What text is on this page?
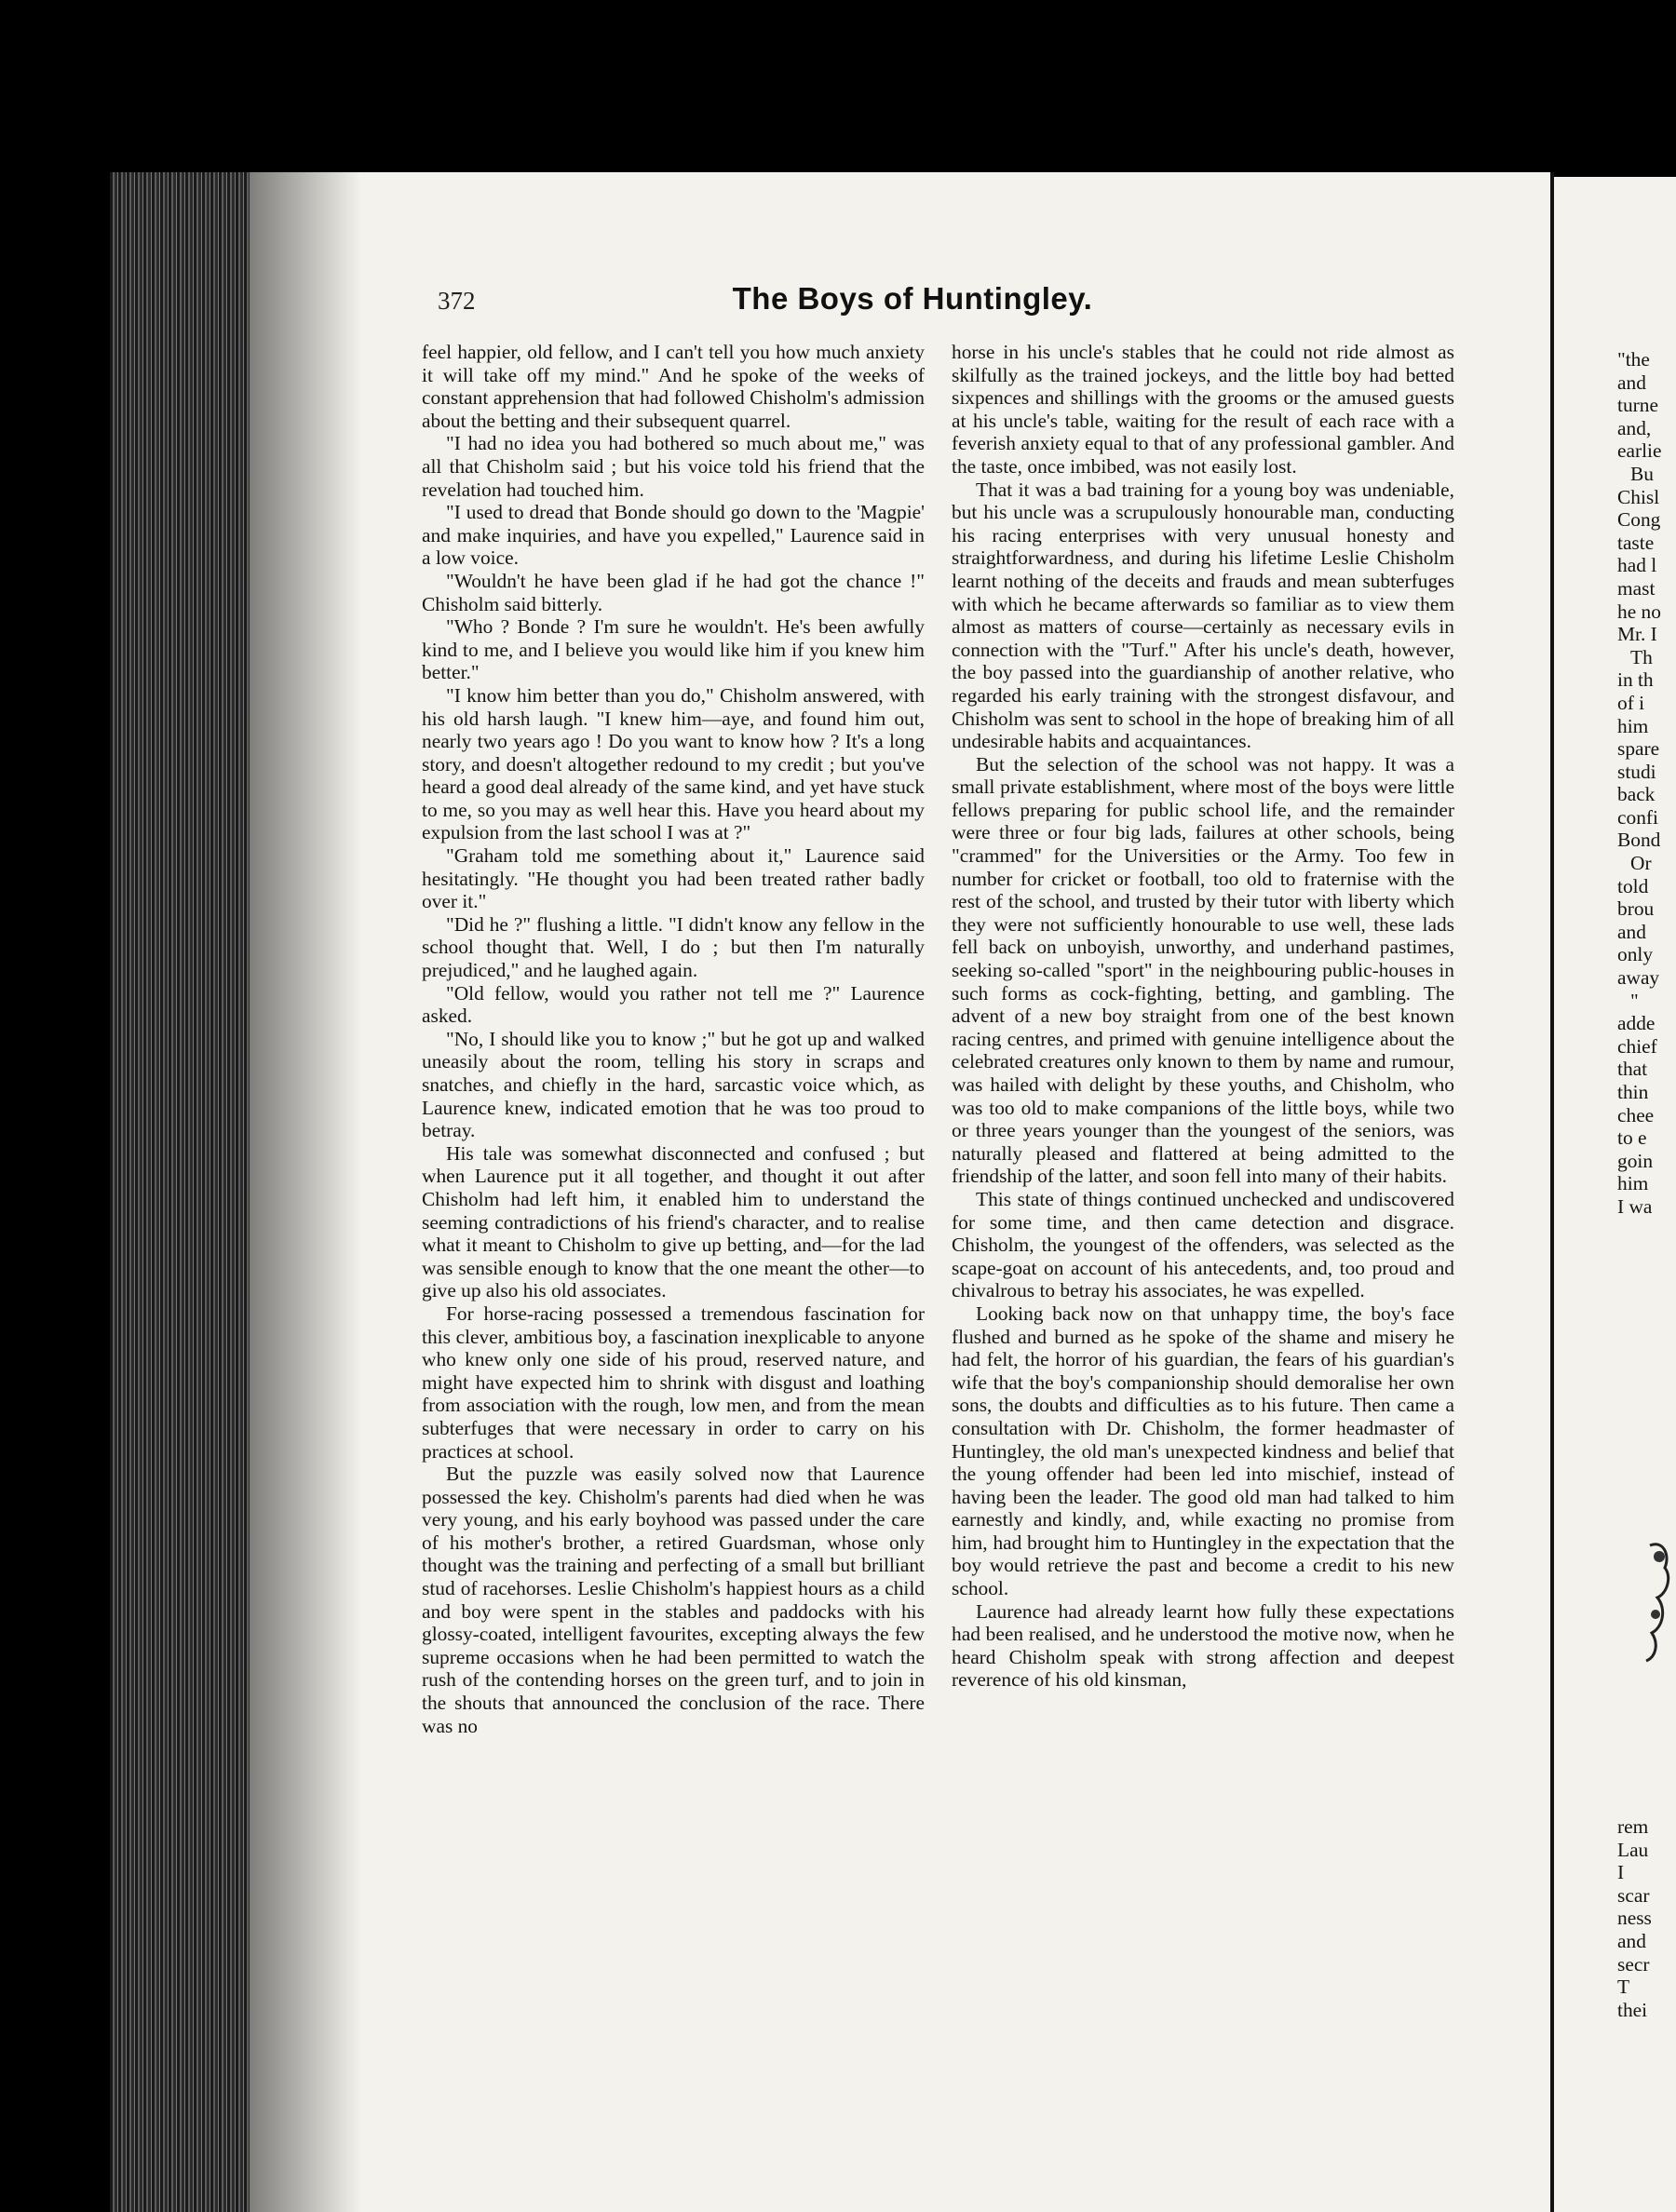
372	The Boys of Huntingley.

feel happier, old fellow, and I can't tell you how much anxiety it will take off my mind." And he spoke of the weeks of constant apprehension that had followed Chisholm's admission about the betting and their subsequent quarrel.

"I had no idea you had bothered so much about me," was all that Chisholm said ; but his voice told his friend that the revelation had touched him.

"I used to dread that Bonde should go down to the 'Magpie' and make inquiries, and have you expelled," Laurence said in a low voice.

"Wouldn't he have been glad if he had got the chance !" Chisholm said bitterly.

"Who ? Bonde ? I'm sure he wouldn't. He's been awfully kind to me, and I believe you would like him if you knew him better."

"I know him better than you do," Chisholm answered, with his old harsh laugh. "I knew him—aye, and found him out, nearly two years ago ! Do you want to know how ? It's a long story, and doesn't altogether redound to my credit ; but you've heard a good deal already of the same kind, and yet have stuck to me, so you may as well hear this. Have you heard about my expulsion from the last school I was at ?"

"Graham told me something about it," Laurence said hesitatingly. "He thought you had been treated rather badly over it."

"Did he ?" flushing a little. "I didn't know any fellow in the school thought that. Well, I do ; but then I'm naturally prejudiced," and he laughed again.

"Old fellow, would you rather not tell me ?" Laurence asked.

"No, I should like you to know ;" but he got up and walked uneasily about the room, telling his story in scraps and snatches, and chiefly in the hard, sarcastic voice which, as Laurence knew, indicated emotion that he was too proud to betray.

His tale was somewhat disconnected and confused ; but when Laurence put it all together, and thought it out after Chisholm had left him, it enabled him to understand the seeming contradictions of his friend's character, and to realise what it meant to Chisholm to give up betting, and—for the lad was sensible enough to know that the one meant the other—to give up also his old associates.

For horse-racing possessed a tremendous fascination for this clever, ambitious boy, a fascination inexplicable to anyone who knew only one side of his proud, reserved nature, and might have expected him to shrink with disgust and loathing from association with the rough, low men, and from the mean subterfuges that were necessary in order to carry on his practices at school.

But the puzzle was easily solved now that Laurence possessed the key. Chisholm's parents had died when he was very young, and his early boyhood was passed under the care of his mother's brother, a retired Guardsman, whose only thought was the training and perfecting of a small but brilliant stud of racehorses. Leslie Chisholm's happiest hours as a child and boy were spent in the stables and paddocks with his glossy-coated, intelligent favourites, excepting always the few supreme occasions when he had been permitted to watch the rush of the contending horses on the green turf, and to join in the shouts that announced the conclusion of the race. There was no

horse in his uncle's stables that he could not ride almost as skilfully as the trained jockeys, and the little boy had betted sixpences and shillings with the grooms or the amused guests at his uncle's table, waiting for the result of each race with a feverish anxiety equal to that of any professional gambler. And the taste, once imbibed, was not easily lost.

That it was a bad training for a young boy was undeniable, but his uncle was a scrupulously honourable man, conducting his racing enterprises with very unusual honesty and straightforwardness, and during his lifetime Leslie Chisholm learnt nothing of the deceits and frauds and mean subterfuges with which he became afterwards so familiar as to view them almost as matters of course—certainly as necessary evils in connection with the "Turf." After his uncle's death, however, the boy passed into the guardianship of another relative, who regarded his early training with the strongest disfavour, and Chisholm was sent to school in the hope of breaking him of all undesirable habits and acquaintances.

But the selection of the school was not happy. It was a small private establishment, where most of the boys were little fellows preparing for public school life, and the remainder were three or four big lads, failures at other schools, being "crammed" for the Universities or the Army. Too few in number for cricket or football, too old to fraternise with the rest of the school, and trusted by their tutor with liberty which they were not sufficiently honourable to use well, these lads fell back on unboyish, unworthy, and underhand pastimes, seeking so-called "sport" in the neighbouring public-houses in such forms as cock-fighting, betting, and gambling. The advent of a new boy straight from one of the best known racing centres, and primed with genuine intelligence about the celebrated creatures only known to them by name and rumour, was hailed with delight by these youths, and Chisholm, who was too old to make companions of the little boys, while two or three years younger than the youngest of the seniors, was naturally pleased and flattered at being admitted to the friendship of the latter, and soon fell into many of their habits.

This state of things continued unchecked and undiscovered for some time, and then came detection and disgrace. Chisholm, the youngest of the offenders, was selected as the scape-goat on account of his antecedents, and, too proud and chivalrous to betray his associates, he was expelled.

Looking back now on that unhappy time, the boy's face flushed and burned as he spoke of the shame and misery he had felt, the horror of his guardian, the fears of his guardian's wife that the boy's companionship should demoralise her own sons, the doubts and difficulties as to his future. Then came a consultation with Dr. Chisholm, the former headmaster of Huntingley, the old man's unexpected kindness and belief that the young offender had been led into mischief, instead of having been the leader. The good old man had talked to him earnestly and kindly, and, while exacting no promise from him, had brought him to Huntingley in the expectation that the boy would retrieve the past and become a credit to his new school.

Laurence had already learnt how fully these expectations had been realised, and he understood the motive now, when he heard Chisholm speak with strong affection and deepest reverence of his old kinsman,

"the
and
turne
and,
earlie
Bu
Chisl
Cong
taste
had l
mast
he no
Mr. I
Th
in th
of i
him
spare
studi
back
confi
Bond
Or
told
brou
and
only
away
"
adde
chief
that
thin
chee
to e
goin
him
I wa
rem
Lau
I
scar
ness
and
secr
T
thei
